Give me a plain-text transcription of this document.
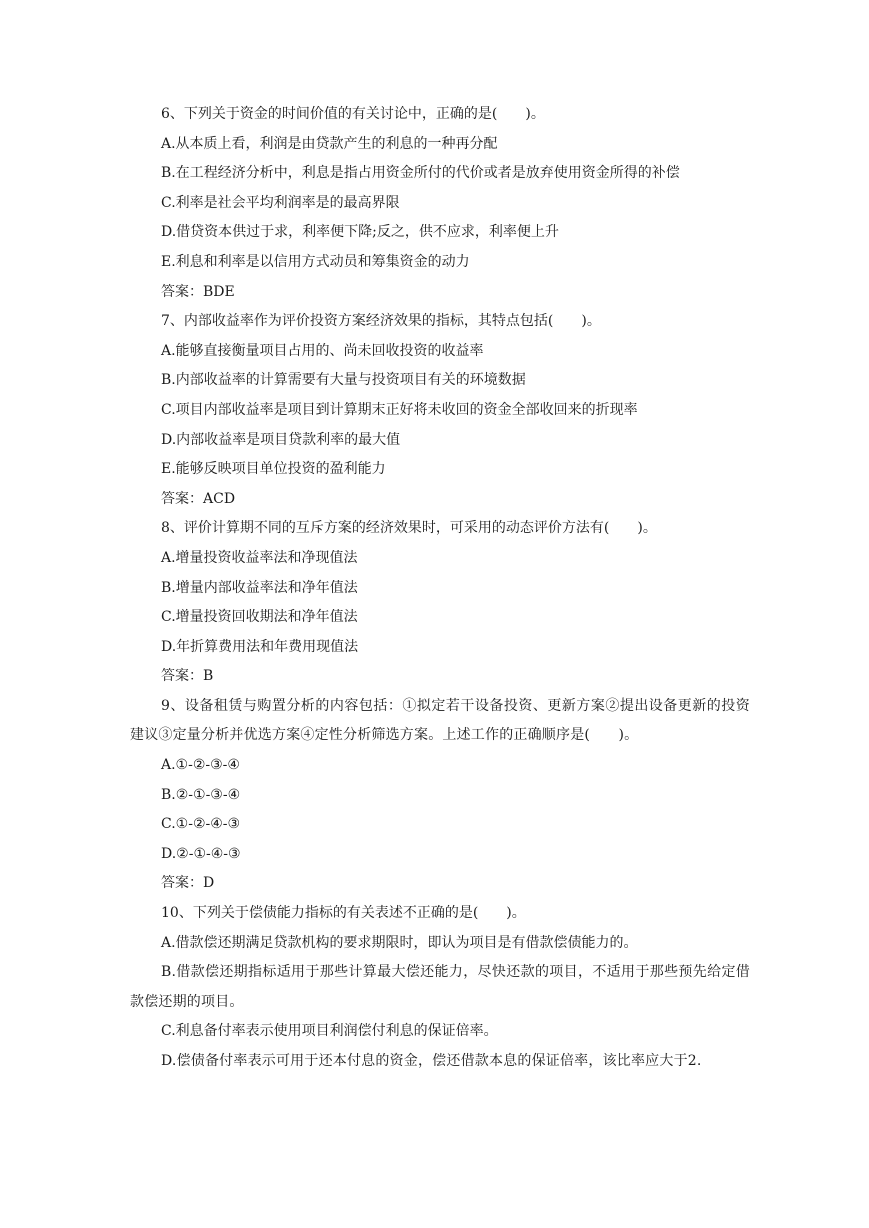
6、下列关于资金的时间价值的有关讨论中，正确的是(　　)。
A.从本质上看，利润是由贷款产生的利息的一种再分配
B.在工程经济分析中，利息是指占用资金所付的代价或者是放弃使用资金所得的补偿
C.利率是社会平均利润率是的最高界限
D.借贷资本供过于求，利率便下降;反之，供不应求，利率便上升
E.利息和利率是以信用方式动员和筹集资金的动力
答案：BDE
7、内部收益率作为评价投资方案经济效果的指标，其特点包括(　　)。
A.能够直接衡量项目占用的、尚未回收投资的收益率
B.内部收益率的计算需要有大量与投资项目有关的环境数据
C.项目内部收益率是项目到计算期末正好将未收回的资金全部收回来的折现率
D.内部收益率是项目贷款利率的最大值
E.能够反映项目单位投资的盈利能力
答案：ACD
8、评价计算期不同的互斥方案的经济效果时，可采用的动态评价方法有(　　)。
A.增量投资收益率法和净现值法
B.增量内部收益率法和净年值法
C.增量投资回收期法和净年值法
D.年折算费用法和年费用现值法
答案：B
9、设备租赁与购置分析的内容包括：①拟定若干设备投资、更新方案②提出设备更新的投资建议③定量分析并优选方案④定性分析筛选方案。上述工作的正确顺序是(　　)。
A.①-②-③-④
B.②-①-③-④
C.①-②-④-③
D.②-①-④-③
答案：D
10、下列关于偿债能力指标的有关表述不正确的是(　　)。
A.借款偿还期满足贷款机构的要求期限时，即认为项目是有借款偿债能力的。
B.借款偿还期指标适用于那些计算最大偿还能力，尽快还款的项目，不适用于那些预先给定借款偿还期的项目。
C.利息备付率表示使用项目利润偿付利息的保证倍率。
D.偿债备付率表示可用于还本付息的资金，偿还借款本息的保证倍率，该比率应大于2.
